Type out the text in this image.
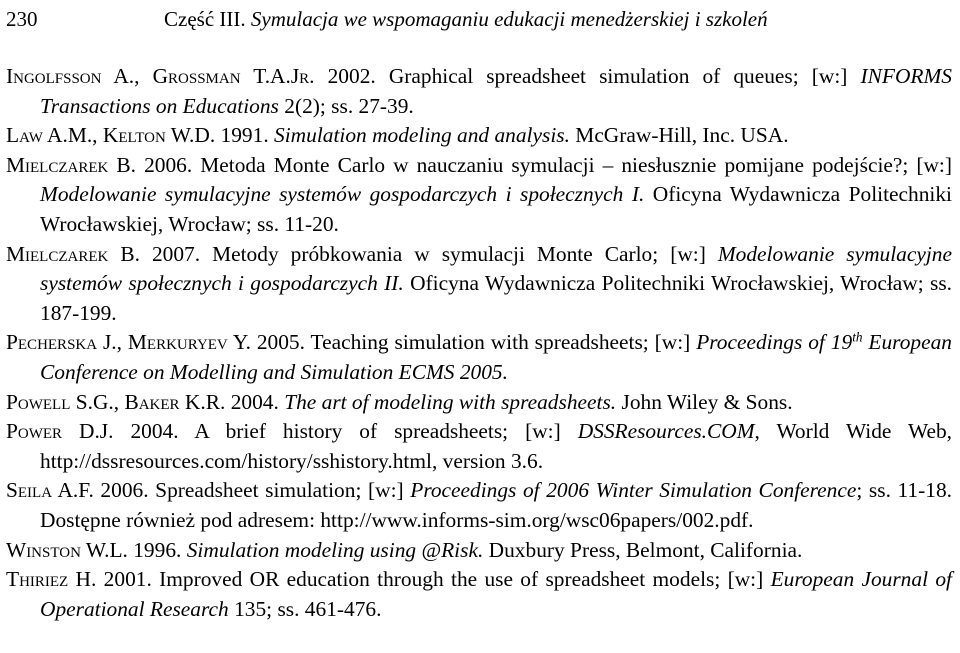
230	Część III. Symulacja we wspomaganiu edukacji menedżerskiej i szkoleń
Ingolfsson A., Grossman T.A.Jr. 2002. Graphical spreadsheet simulation of queues; [w:] INFORMS Transactions on Educations 2(2); ss. 27-39.
Law A.M., Kelton W.D. 1991. Simulation modeling and analysis. McGraw-Hill, Inc. USA.
Mielczarek B. 2006. Metoda Monte Carlo w nauczaniu symulacji – niesłusznie pomijane podejście?; [w:] Modelowanie symulacyjne systemów gospodarczych i społecznych I. Oficyna Wydawnicza Politechniki Wrocławskiej, Wrocław; ss. 11-20.
Mielczarek B. 2007. Metody próbkowania w symulacji Monte Carlo; [w:] Modelowanie symulacyjne systemów społecznych i gospodarczych II. Oficyna Wydawnicza Politechniki Wrocławskiej, Wrocław; ss. 187-199.
Pecherska J., Merkuryev Y. 2005. Teaching simulation with spreadsheets; [w:] Proceedings of 19th European Conference on Modelling and Simulation ECMS 2005.
Powell S.G., Baker K.R. 2004. The art of modeling with spreadsheets. John Wiley & Sons.
Power D.J. 2004. A brief history of spreadsheets; [w:] DSSResources.COM, World Wide Web, http://dssresources.com/history/sshistory.html, version 3.6.
Seila A.F. 2006. Spreadsheet simulation; [w:] Proceedings of 2006 Winter Simulation Conference; ss. 11-18. Dostępne również pod adresem: http://www.informs-sim.org/wsc06papers/002.pdf.
Winston W.L. 1996. Simulation modeling using @Risk. Duxbury Press, Belmont, California.
Thiriez H. 2001. Improved OR education through the use of spreadsheet models; [w:] European Journal of Operational Research 135; ss. 461-476.
